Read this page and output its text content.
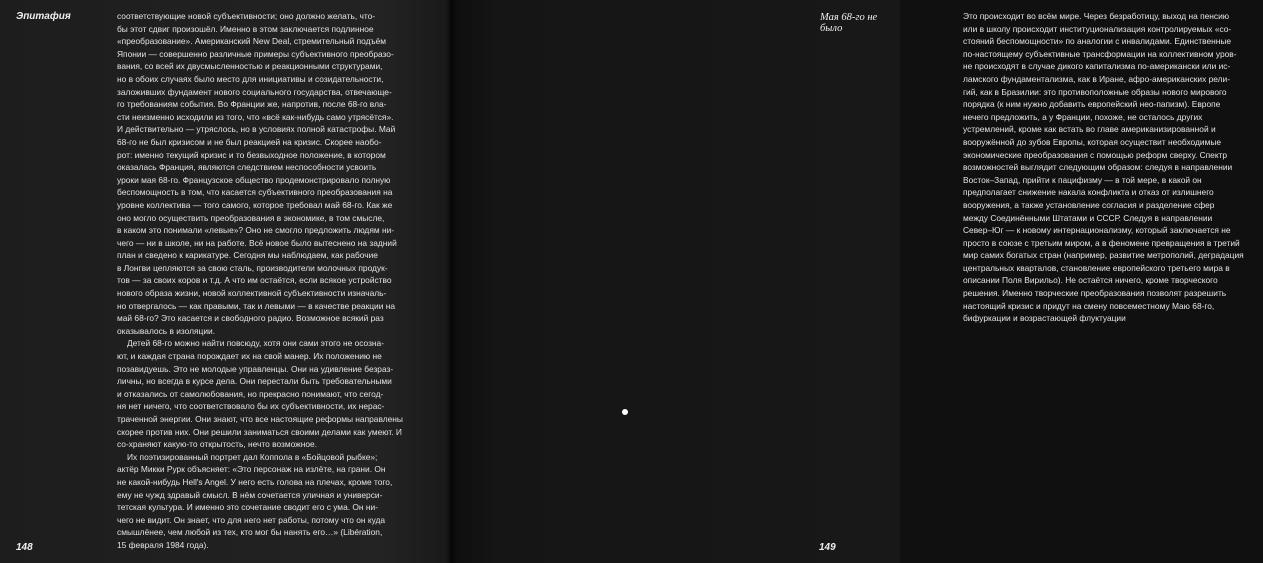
Эпитафия	соответствующие новой субъективности; оно должно желать, что-
бы этот сдвиг произошёл. Именно в этом заключается подлинное
«преобразование». Американский New Deal, стремительный подъём
Японии — совершенно различные примеры субъективного преобразо-
вания, со всей их двусмысленностью и реакционными структурами,
но в обоих случаях было место для инициативы и созидательности,
заложивших фундамент нового социального государства, отвечающе-
го требованиям события. Во Франции же, напротив, после 68-го вла-
сти неизменно исходили из того, что «всё как-нибудь само утрясётся».
И действительно — утряслось, но в условиях полной катастрофы. Май
68-го не был кризисом и не был реакцией на кризис. Скорее наобо-
рот: именно текущий кризис и то безвыходное положение, в котором
оказалась Франция, являются следствием неспособности усвоить
уроки мая 68-го. Французское общество продемонстрировало полную
беспомощность в том, что касается субъективного преобразования на
уровне коллектива — того самого, которое требовал май 68-го. Как же
оно могло осуществить преобразования в экономике, в том смысле,
в каком это понимали «левые»? Оно не смогло предложить людям ни-
чего — ни в школе, ни на работе. Всё новое было вытеснено на задний
план и сведено к карикатуре. Сегодня мы наблюдаем, как рабочие
в Лонгви цепляются за свою сталь, производители молочных продук-
тов — за своих коров и т.д. А что им остаётся, если всякое устройство
нового образа жизни, новой коллективной субъективности изначаль-
но отвергалось — как правыми, так и левыми — в качестве реакции на
май 68-го? Это касается и свободного радио. Возможное всякий раз
оказывалось в изоляции.
Детей 68-го можно найти повсюду, хотя они сами этого не осозна-
ют, и каждая страна порождает их на свой манер. Их положению не
позавидуешь. Это не молодые управленцы. Они на удивление безраз-
личны, но всегда в курсе дела. Они перестали быть требовательными
и отказались от самолюбования, но прекрасно понимают, что сегод-
ня нет ничего, что соответствовало бы их субъективности, их нерас-
траченной энергии. Они знают, что все настоящие реформы направлены
скорее против них. Они решили заниматься своими делами как умеют. И
со-храняют какую-то открытость, нечто возможное.
Их поэтизированный портрет дал Коппола в «Бойцовой рыбке»;
актёр Микки Рурк объясняет: «Это персонаж на излёте, на грани. Он
не какой-нибудь Hell's Angel. У него есть голова на плечах, кроме того,
ему не чужд здравый смысл. В нём сочетается уличная и универси-
тетская культура. И именно это сочетание сводит его с ума. Он ни-
чего не видит. Он знает, что для него нет работы, потому что он куда
смышлёнее, чем любой из тех, кто мог бы нанять его…» (Libération,
15 февраля 1984 года).
148
Это происходит во всём мире. Через безработицу, выход на пенсию
или в школу происходит институционализация контролируемых «со-
стояний беспомощности» по аналогии с инвалидами. Единственные
по-настоящему субъективные трансформации на коллективном уров-
не происходят в случае дикого капитализма по-американски или ис-
ламского фундаментализма, как в Иране, афро-американских рели-
гий, как в Бразилии: это противоположные образы нового мирового
порядка (к ним нужно добавить европейский нео-папизм). Европе
нечего предложить, а у Франции, похоже, не осталось других
устремлений, кроме как встать во главе американизированной и
вооружённой до зубов Европы, которая осуществит необходимые
экономические преобразования с помощью реформ сверху. Спектр
возможностей выглядит следующим образом: следуя в направлении
Восток–Запад, прийти к пацифизму — в той мере, в какой он
предполагает снижение накала конфликта и отказ от излишнего
вооружения, а также установление согласия и разделение сфер
между Соединёнными Штатами и СССР. Следуя в направлении
Север–Юг — к новому интернационализму, который заключается не
просто в союзе с третьим миром, а в феномене превращения в третий
мир самих богатых стран (например, развитие метрополий, деградация
центральных кварталов, становление европейского третьего мира в
описании Поля Вирильо). Не остаётся ничего, кроме творческого
решения. Именно творческие преобразования позволят разрешить
настоящий кризис и придут на смену повсеместному Маю 68-го,
бифуркации и возрастающей флуктуации
Мая 68-го не было
149
